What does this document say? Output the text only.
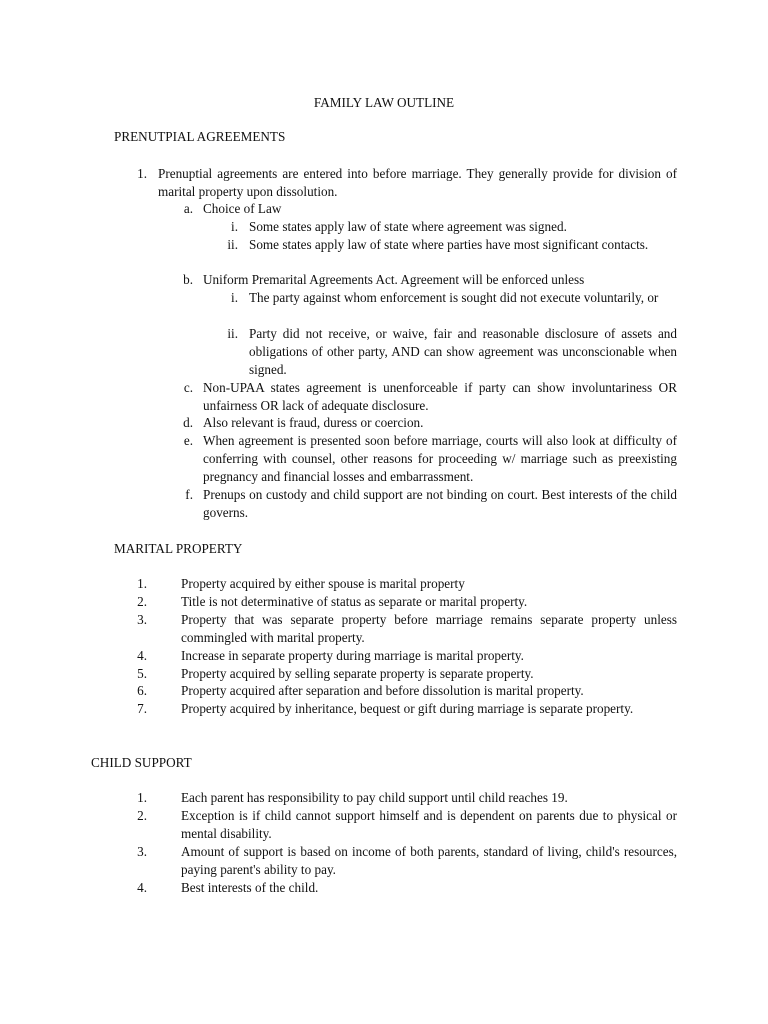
FAMILY LAW OUTLINE
PRENUTPIAL AGREEMENTS
1. Prenuptial agreements are entered into before marriage. They generally provide for division of marital property upon dissolution.
a. Choice of Law
b. Uniform Premarital Agreements Act. Agreement will be enforced unless
c. Non-UPAA states agreement is unenforceable if party can show involuntariness OR unfairness OR lack of adequate disclosure.
d. Also relevant is fraud, duress or coercion.
e. When agreement is presented soon before marriage, courts will also look at difficulty of conferring with counsel, other reasons for proceeding w/ marriage such as preexisting pregnancy and financial losses and embarrassment.
f. Prenups on custody and child support are not binding on court. Best interests of the child governs.
i. Some states apply law of state where agreement was signed.
ii. Some states apply law of state where parties have most significant contacts.
i. The party against whom enforcement is sought did not execute voluntarily, or
ii. Party did not receive, or waive, fair and reasonable disclosure of assets and obligations of other party, AND can show agreement was unconscionable when signed.
MARITAL PROPERTY
1.	Property acquired by either spouse is marital property
2.	Title is not determinative of status as separate or marital property.
3.	Property that was separate property before marriage remains separate property unless commingled with marital property.
4.	Increase in separate property during marriage is marital property.
5.	Property acquired by selling separate property is separate property.
6.	Property acquired after separation and before dissolution is marital property.
7.	Property acquired by inheritance, bequest or gift during marriage is separate property.
CHILD SUPPORT
1.	Each parent has responsibility to pay child support until child reaches 19.
2.	Exception is if child cannot support himself and is dependent on parents due to physical or mental disability.
3.	Amount of support is based on income of both parents, standard of living, child's resources, paying parent's ability to pay.
4.	Best interests of the child.
